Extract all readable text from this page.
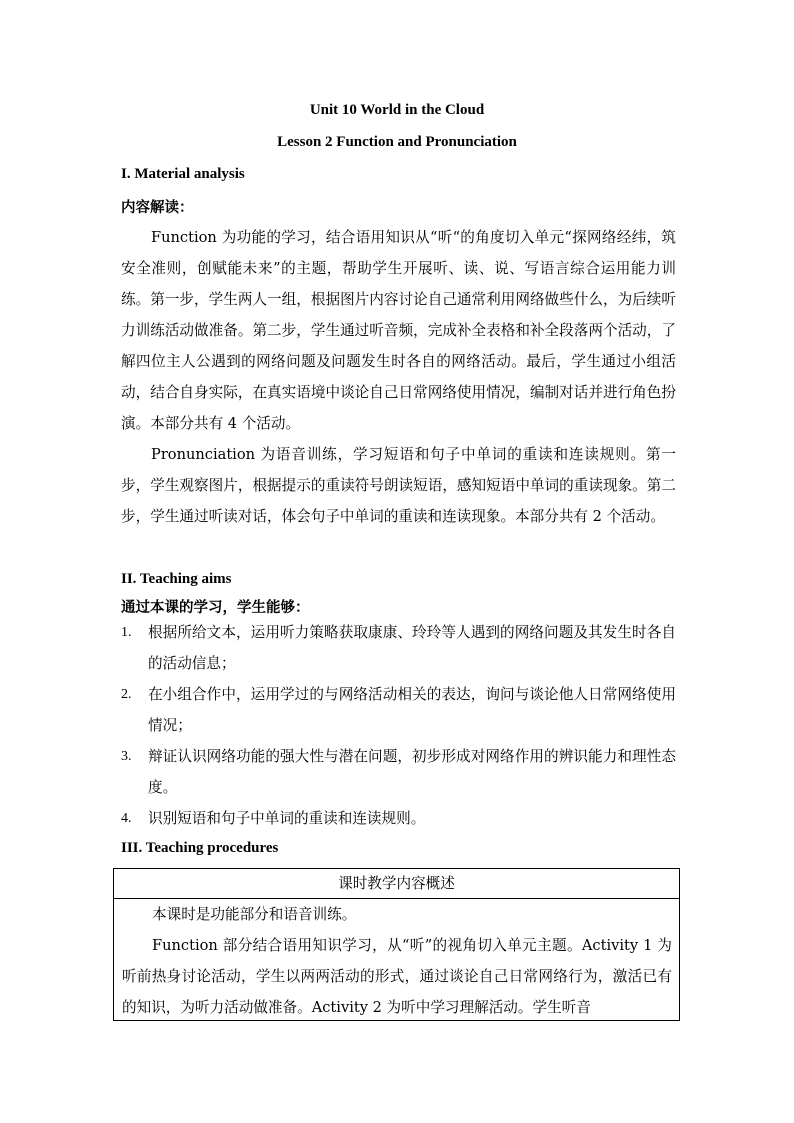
Unit 10 World in the Cloud
Lesson 2 Function and Pronunciation
I. Material analysis
内容解读：

Function 为功能的学习，结合语用知识从“听“的角度切入单元“探网络经纬，筑安全准则，创赋能未来”的主题，帮助学生开展听、读、说、写语言综合运用能力训练。第一步，学生两人一组，根据图片内容讨论自己通常利用网络做些什么，为后续听力训练活动做准备。第二步，学生通过听音频，完成补全表格和补全段落两个活动，了解四位主人公遇到的网络问题及问题发生时各自的网络活动。最后，学生通过小组活动，结合自身实际，在真实语境中谈论自己日常网络使用情况，编制对话并进行角色扮演。本部分共有 4 个活动。

Pronunciation 为语音训练，学习短语和句子中单词的重读和连读规则。第一步，学生观察图片，根据提示的重读符号朗读短语，感知短语中单词的重读现象。第二步，学生通过听读对话，体会句子中单词的重读和连读现象。本部分共有 2 个活动。

II. Teaching aims
通过本课的学习，学生能够：
1. 根据所给文本，运用听力策略获取康康、玲玲等人遇到的网络问题及其发生时各自的活动信息；
2. 在小组合作中，运用学过的与网络活动相关的表达，询问与谈论他人日常网络使用情况；
3. 辩证认识网络功能的强大性与潜在问题，初步形成对网络作用的辨识能力和理性态度。
4. 识别短语和句子中单词的重读和连读规则。
III. Teaching procedures
课时教学内容概述

本课时是功能部分和语音训练。

Function 部分结合语用知识学习，从“听”的视角切入单元主题。Activity 1 为听前热身讨论活动，学生以两两活动的形式，通过谈论自己日常网络行为，激活已有的知识，为听力活动做准备。Activity 2 为听中学习理解活动。学生听音
